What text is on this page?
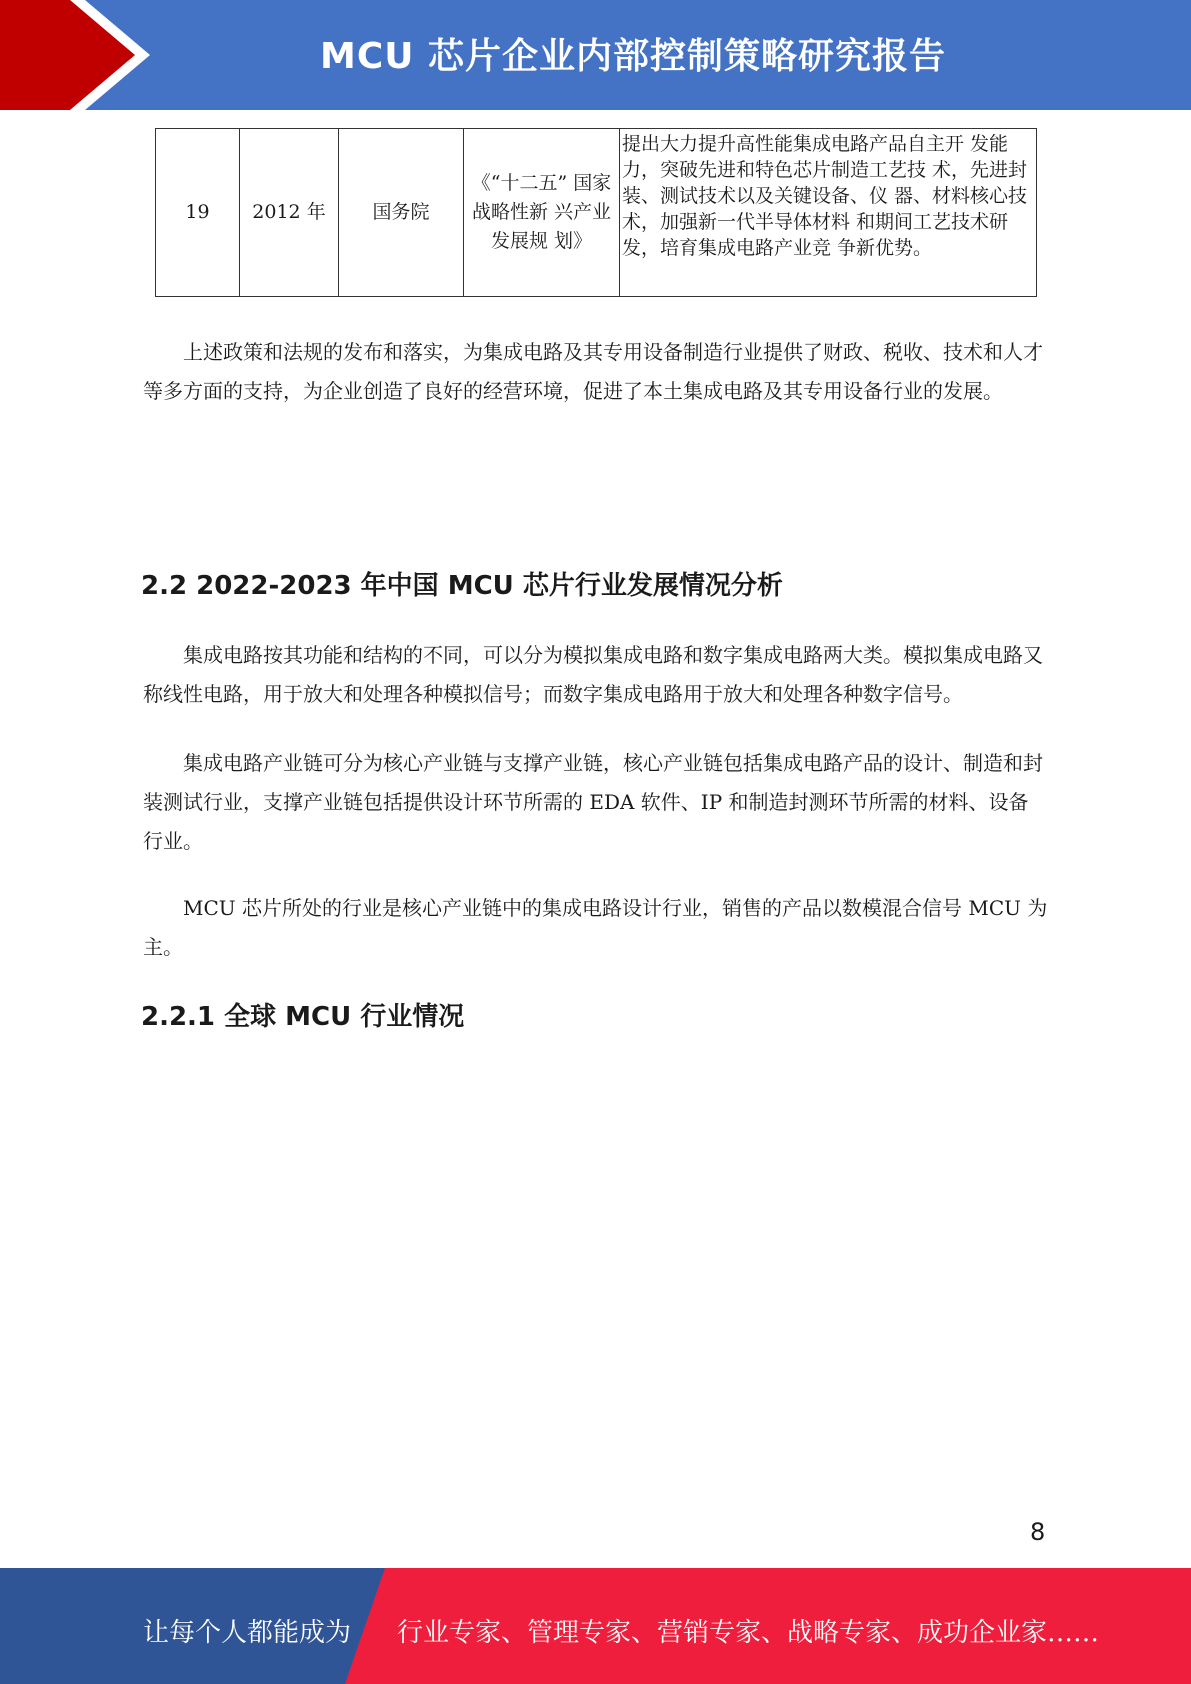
MCU 芯片企业内部控制策略研究报告
19	2012 年	国务院	《“十二五” 国家战略性新 兴产业发展规 划》	提出大力提升高性能集成电路产品自主开 发能力，突破先进和特色芯片制造工艺技 术，先进封装、测试技术以及关键设备、仪 器、材料核心技术，加强新一代半导体材料 和期间工艺技术研发，培育集成电路产业竞 争新优势。

上述政策和法规的发布和落实，为集成电路及其专用设备制造行业提供了财政、税收、技术和人才等多方面的支持，为企业创造了良好的经营环境，促进了本土集成电路及其专用设备行业的发展。

2.2 2022-2023 年中国 MCU 芯片行业发展情况分析

集成电路按其功能和结构的不同，可以分为模拟集成电路和数字集成电路两大类。模拟集成电路又称线性电路，用于放大和处理各种模拟信号；而数字集成电路用于放大和处理各种数字信号。

集成电路产业链可分为核心产业链与支撑产业链，核心产业链包括集成电路产品的设计、制造和封装测试行业，支撑产业链包括提供设计环节所需的 EDA 软件、IP 和制造封测环节所需的材料、设备行业。

MCU 芯片所处的行业是核心产业链中的集成电路设计行业，销售的产品以数模混合信号 MCU 为主。

2.2.1 全球 MCU 行业情况
8
让每个人都能成为 行业专家、管理专家、营销专家、战略专家、成功企业家……
